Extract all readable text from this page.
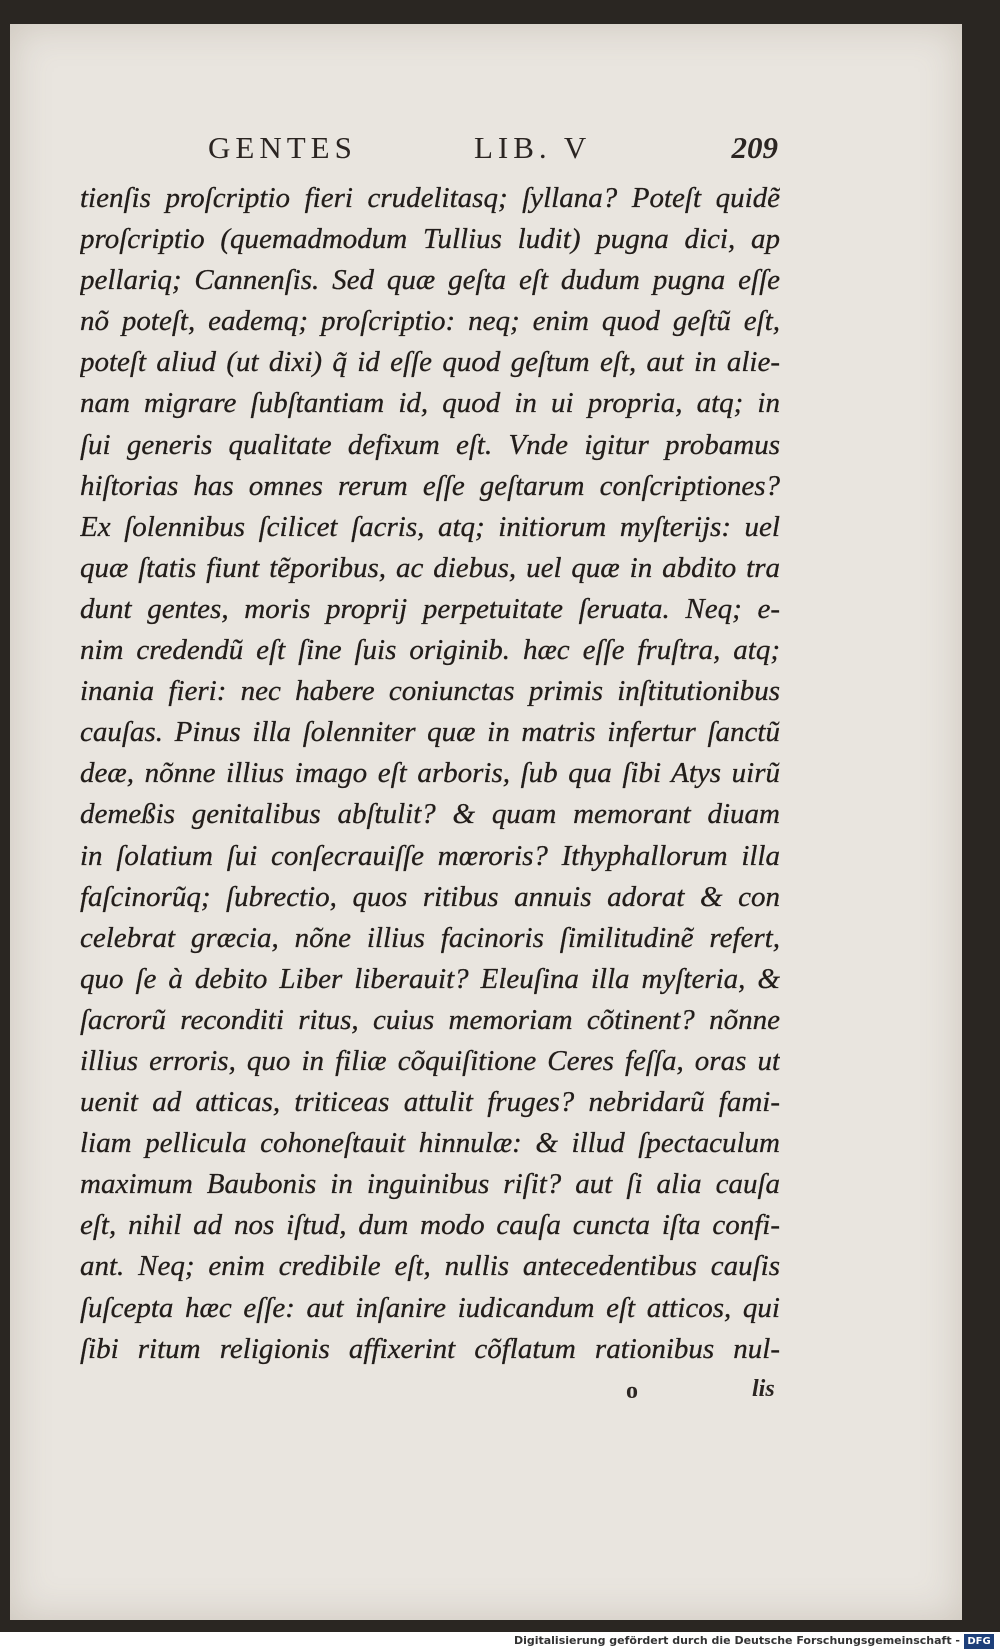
GENTES	LIB. V	209
tienſis proſcriptio fieri crudelitasq; ſyllana? Poteſt quidẽ
proſcriptio (quemadmodum Tullius ludit) pugna dici, ap
pellariq; Cannenſis. Sed quæ geſta eſt dudum pugna eſſe
nõ poteſt, eademq; proſcriptio: neq; enim quod geſtũ eſt,
poteſt aliud (ut dixi) q̃ id eſſe quod geſtum eſt, aut in alie-
nam migrare ſubſtantiam id, quod in ui propria, atq; in
ſui generis qualitate defixum eſt. Vnde igitur probamus
hiſtorias has omnes rerum eſſe geſtarum conſcriptiones?
Ex ſolennibus ſcilicet ſacris, atq; initiorum myſterijs: uel
quæ ſtatis fiunt tẽporibus, ac diebus, uel quæ in abdito tra
dunt gentes, moris proprij perpetuitate ſeruata. Neq; e-
nim credendũ eſt ſine ſuis originib. hæc eſſe fruſtra, atq;
inania fieri: nec habere coniunctas primis inſtitutionibus
cauſas. Pinus illa ſolenniter quæ in matris infertur ſanctũ
deæ, nõnne illius imago eſt arboris, ſub qua ſibi Atys uirũ
demeßis genitalibus abſtulit? & quam memorant diuam
in ſolatium ſui conſecrauiſſe mœroris? Ithyphallorum illa
faſcinorũq; ſubrectio, quos ritibus annuis adorat & con
celebrat græcia, nõne illius facinoris ſimilitudinẽ refert,
quo ſe à debito Liber liberauit? Eleuſina illa myſteria, &
ſacrorũ reconditi ritus, cuius memoriam cõtinent? nõnne
illius erroris, quo in filiæ cõquiſitione Ceres feſſa, oras ut
uenit ad atticas, triticeas attulit fruges? nebridarũ fami-
liam pellicula cohoneſtauit hinnulæ: & illud ſpectaculum
maximum Baubonis in inguinibus riſit? aut ſi alia cauſa
eſt, nihil ad nos iſtud, dum modo cauſa cuncta iſta confi-
ant. Neq; enim credibile eſt, nullis antecedentibus cauſis
ſuſcepta hæc eſſe: aut inſanire iudicandum eſt atticos, qui
ſibi ritum religionis affixerint cõflatum rationibus nul-
o	lis
Digitalisierung gefördert durch die Deutsche Forschungsgemeinschaft - DFG
